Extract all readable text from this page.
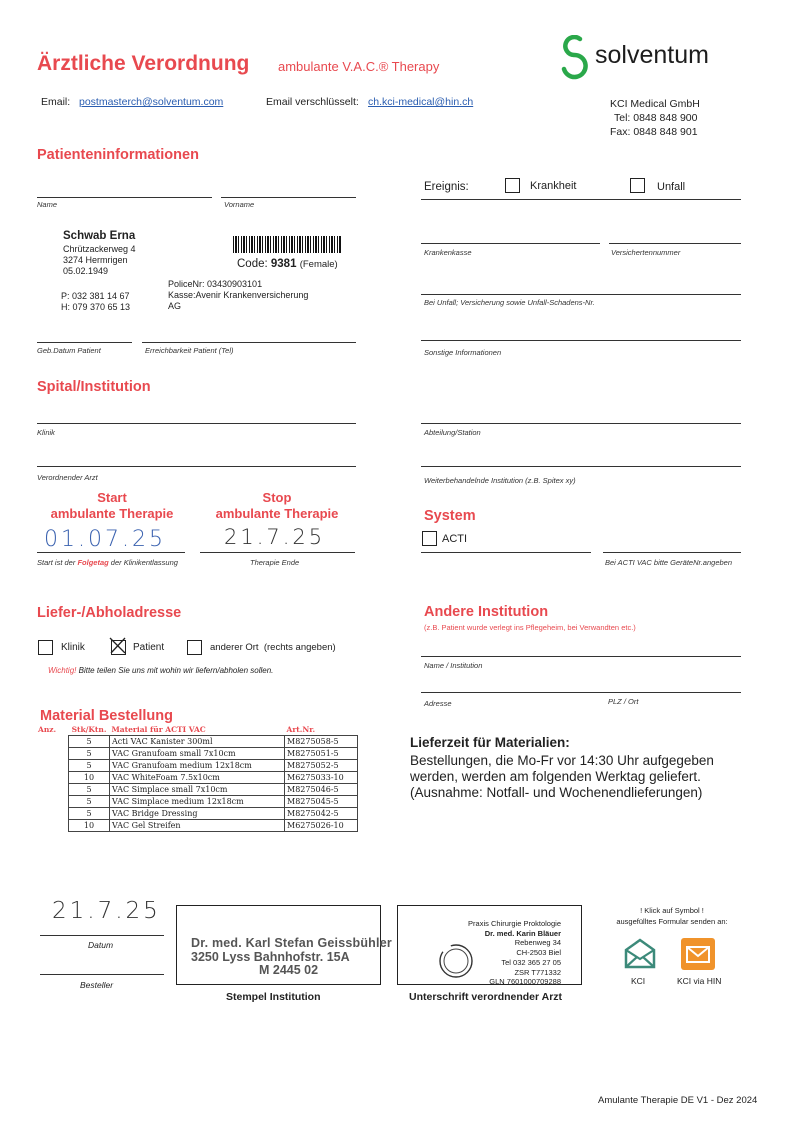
Ärztliche Verordnung ambulante V.A.C.® Therapy
Email: postmasterch@solventum.com	Email verschlüsselt: ch.kci-medical@hin.ch
solventum
KCI Medical GmbH
Tel: 0848 848 900
Fax: 0848 848 901
Patienteninformationen
Name	Vorname
Schwab Erna
Chrützackerweg 4
3274 Hermrigen
05.02.1949
P: 032 381 14 67
H: 079 370 65 13
Code: 9381 (Female)
PoliceNr: 03430903101
Kasse:Avenir Krankenversicherung
AG
Geb.Datum Patient	Erreichbarkeit Patient (Tel)
Ereignis:	Krankheit	Unfall
Krankenkasse	Versichertennummer
Bei Unfall; Versicherung sowie Unfall-Schadens-Nr.
Sonstige Informationen
Spital/Institution
Klinik	Abteilung/Station
Verordnender Arzt	Weiterbehandelnde Institution (z.B. Spitex xy)
Start
ambulante Therapie
Stop
ambulante Therapie
01.07.25	21.7.25
Start ist der Folgetag der Klinikentlassung	Therapie Ende
System
ACTI
Bei ACTI VAC bitte GeräteNr.angeben
Liefer-/Abholadresse
Klinik	Patient	anderer Ort (rechts angeben)
Wichtig! Bitte teilen Sie uns mit wohin wir liefern/abholen sollen.
Andere Institution
(z.B. Patient wurde verlegt ins Pflegeheim, bei Verwandten etc.)
Name / Institution
Adresse	PLZ / Ort
Material Bestellung
Anz.	Stk/Ktn.	Material für ACTI VAC	Art.Nr.
	5	Acti VAC Kanister 300ml	M8275058-5
	5	VAC Granufoam small 7x10cm	M8275051-5
	5	VAC Granufoam medium 12x18cm	M8275052-5
	10	VAC WhiteFoam 7.5x10cm	M6275033-10
	5	VAC Simplace small 7x10cm	M8275046-5
	5	VAC Simplace medium 12x18cm	M8275045-5
	5	VAC Bridge Dressing	M8275042-5
	10	VAC Gel Streifen	M6275026-10
Lieferzeit für Materialien:
Bestellungen, die Mo-Fr vor 14:30 Uhr aufgegeben
werden, werden am folgenden Werktag geliefert.
(Ausnahme: Notfall- und Wochenendlieferungen)
21.7.25
Datum
Besteller
Dr. med. Karl Stefan Geissbühler
3250 Lyss Bahnhofstr. 15A
M 2445 02
Stempel Institution
Praxis Chirurgie Proktologie
Dr. med. Karin Bläuer
Rebenweg 34
CH-2503 Biel
Tel 032 365 27 05
ZSR T771332
GLN 7601000709288
Unterschrift verordnender Arzt
! Klick auf Symbol !
ausgefülltes Formular senden an:
KCI	KCI via HIN
Amulante Therapie DE V1 - Dez 2024
